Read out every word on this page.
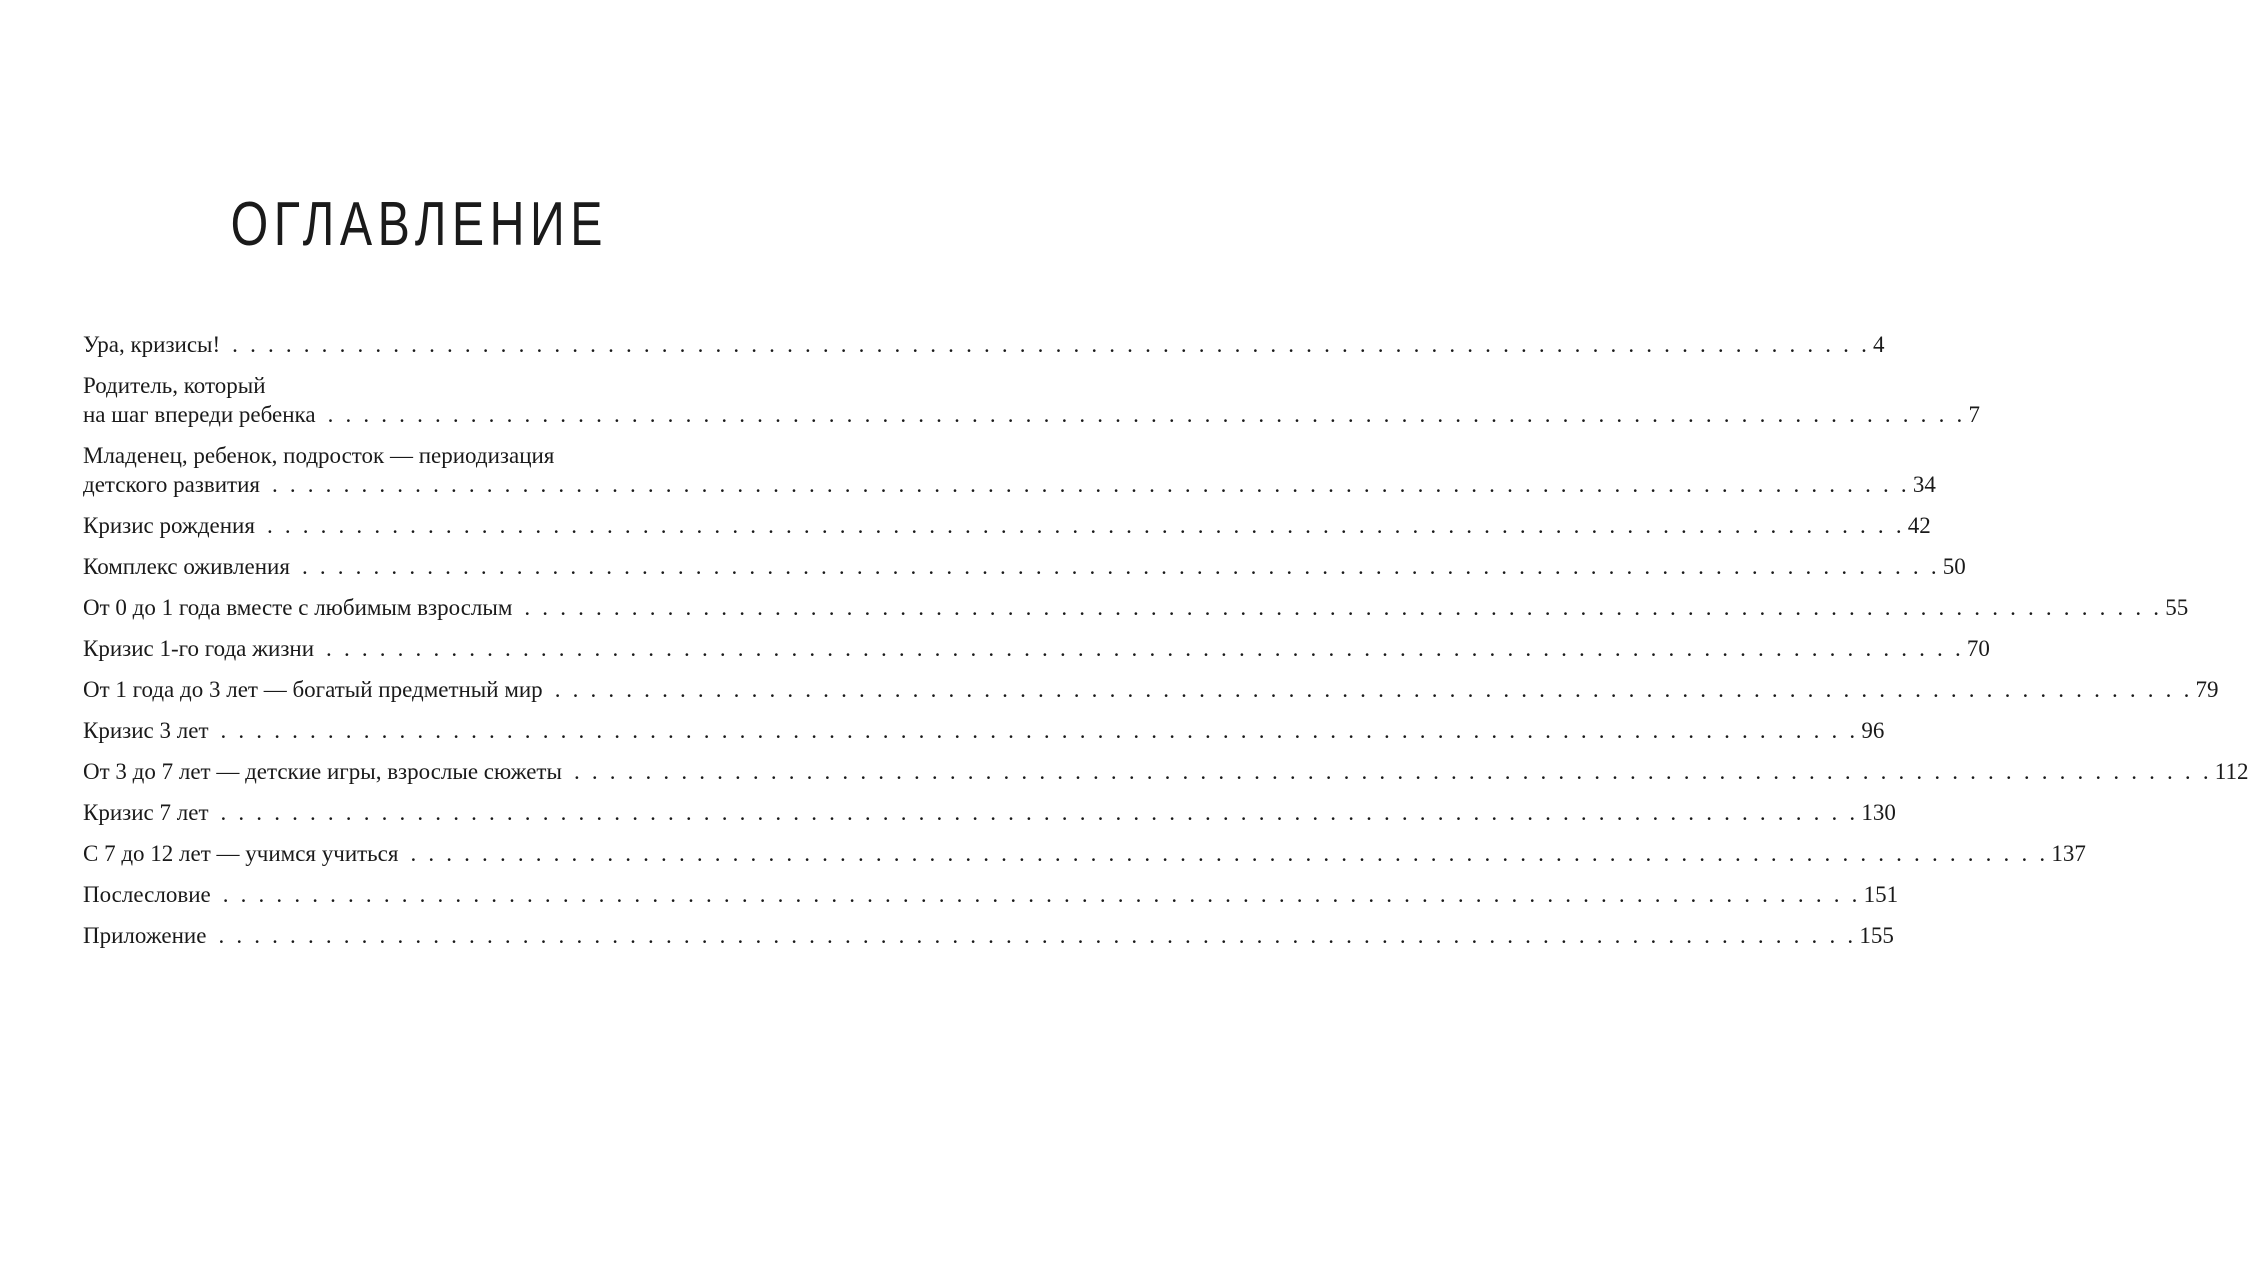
ОГЛАВЛЕНИЕ
Ура, кризисы! . . . . . . . . . . . . . . . . . . . . . . . . . . . . . . . . . . . . . . . . . . . . . . . . . . . . . . . . . . . . . . . . . . . . . . . . . . . . . . . . . . . . . . . . . . . . 4
Родитель, который
на шаг впереди ребенка . . . . . . . . . . . . . . . . . . . . . . . . . . . . . . . . . . . . . . . . . . . . . . . . . . . . . . . . . . . . . . . . . . . . . . . . . . . . . . . . . . . . . . . . . . . . 7
Младенец, ребенок, подросток — периодизация
детского развития . . . . . . . . . . . . . . . . . . . . . . . . . . . . . . . . . . . . . . . . . . . . . . . . . . . . . . . . . . . . . . . . . . . . . . . . . . . . . . . . . . . . . . . . . . . . 34
Кризис рождения . . . . . . . . . . . . . . . . . . . . . . . . . . . . . . . . . . . . . . . . . . . . . . . . . . . . . . . . . . . . . . . . . . . . . . . . . . . . . . . . . . . . . . . . . . . . 42
Комплекс оживления . . . . . . . . . . . . . . . . . . . . . . . . . . . . . . . . . . . . . . . . . . . . . . . . . . . . . . . . . . . . . . . . . . . . . . . . . . . . . . . . . . . . . . . . . . . . 50
От 0 до 1 года вместе с любимым взрослым . . . . . . . . . . . . . . . . . . . . . . . . . . . . . . . . . . . . . . . . . . . . . . . . . . . . . . . . . . . . . . . . . . . . . . . . . . . . . . . . . . . . . . . . . . . . 55
Кризис 1-го года жизни . . . . . . . . . . . . . . . . . . . . . . . . . . . . . . . . . . . . . . . . . . . . . . . . . . . . . . . . . . . . . . . . . . . . . . . . . . . . . . . . . . . . . . . . . . . . 70
От 1 года до 3 лет — богатый предметный мир . . . . . . . . . . . . . . . . . . . . . . . . . . . . . . . . . . . . . . . . . . . . . . . . . . . . . . . . . . . . . . . . . . . . . . . . . . . . . . . . . . . . . . . . . . . . 79
Кризис 3 лет . . . . . . . . . . . . . . . . . . . . . . . . . . . . . . . . . . . . . . . . . . . . . . . . . . . . . . . . . . . . . . . . . . . . . . . . . . . . . . . . . . . . . . . . . . . . 96
От 3 до 7 лет — детские игры, взрослые сюжеты . . . . . . . . . . . . . . . . . . . . . . . . . . . . . . . . . . . . . . . . . . . . . . . . . . . . . . . . . . . . . . . . . . . . . . . . . . . . . . . . . . . . . . . . . . . . 112
Кризис 7 лет . . . . . . . . . . . . . . . . . . . . . . . . . . . . . . . . . . . . . . . . . . . . . . . . . . . . . . . . . . . . . . . . . . . . . . . . . . . . . . . . . . . . . . . . . . . . 130
С 7 до 12 лет — учимся учиться . . . . . . . . . . . . . . . . . . . . . . . . . . . . . . . . . . . . . . . . . . . . . . . . . . . . . . . . . . . . . . . . . . . . . . . . . . . . . . . . . . . . . . . . . . . . 137
Послесловие . . . . . . . . . . . . . . . . . . . . . . . . . . . . . . . . . . . . . . . . . . . . . . . . . . . . . . . . . . . . . . . . . . . . . . . . . . . . . . . . . . . . . . . . . . . . 151
Приложение . . . . . . . . . . . . . . . . . . . . . . . . . . . . . . . . . . . . . . . . . . . . . . . . . . . . . . . . . . . . . . . . . . . . . . . . . . . . . . . . . . . . . . . . . . . . 155
